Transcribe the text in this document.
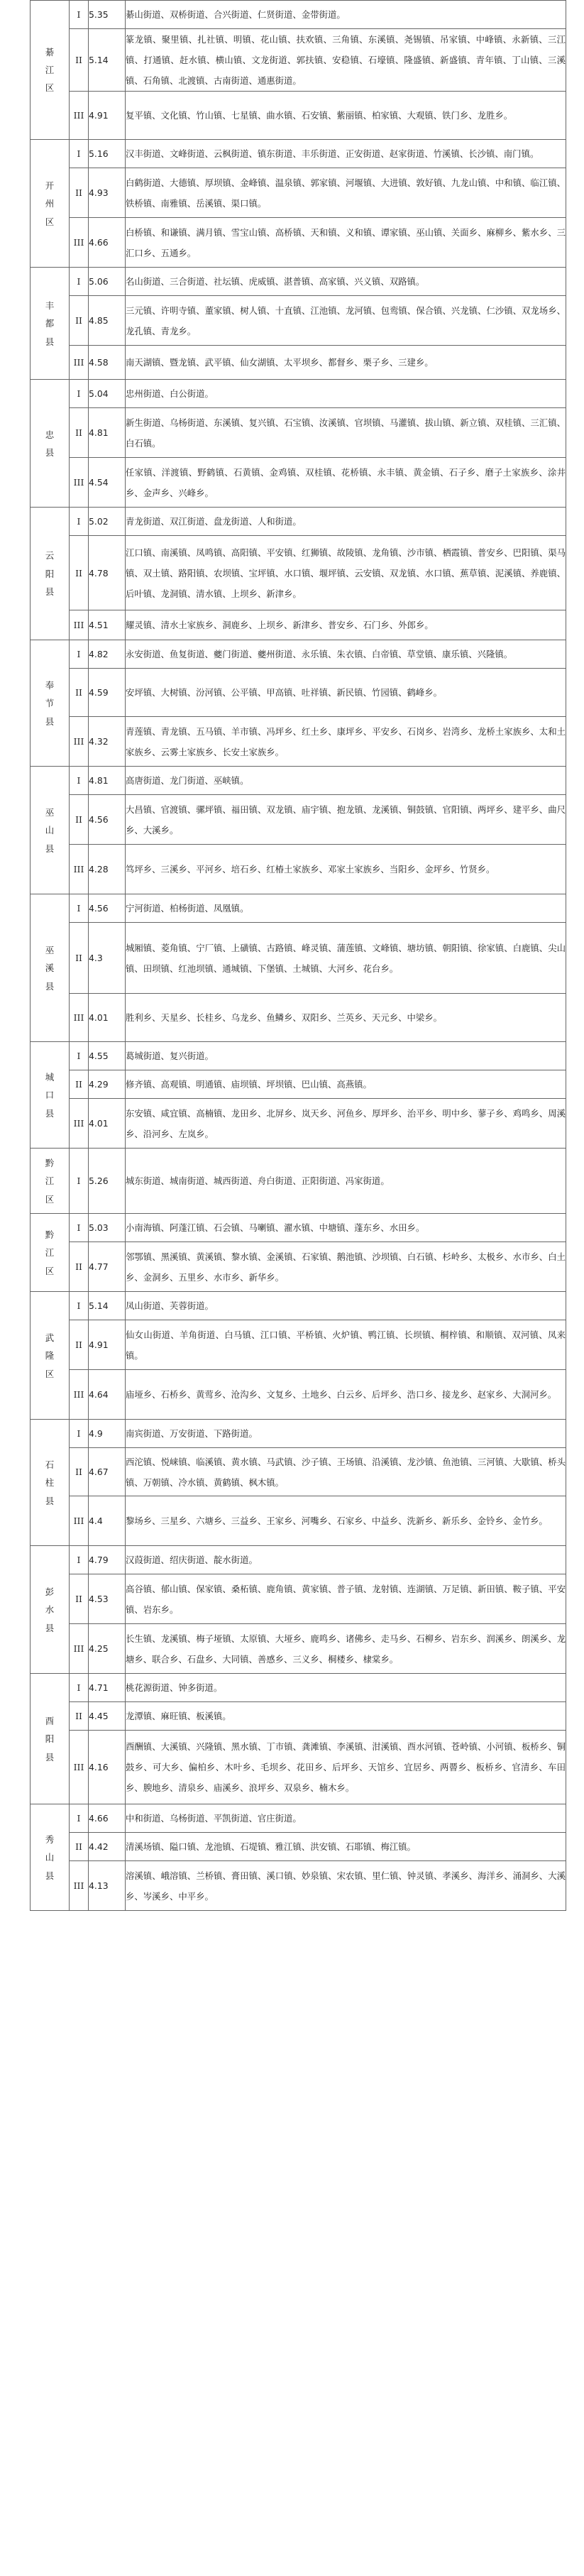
綦江区	I	5.35	綦山街道、双桥街道、合兴街道、仁贤街道、金带街道。
	II	5.14	篆龙镇、聚里镇、扎社镇、明镇、花山镇、扶欢镇、三角镇、东溪镇、尧锡镇、吊家镇、中峰镇、永新镇、三江镇、打通镇、赶水镇、横山镇、文龙街道、郭扶镇、安稳镇、石壕镇、隆盛镇、新盛镇、青年镇、丁山镇、三溪镇、石角镇、北渡镇、古南街道、通惠街道。
	III	4.91	复平镇、文化镇、竹山镇、七星镇、曲水镇、石安镇、紫丽镇、柏家镇、大观镇、铁门乡、龙胜乡。
开州区	I	5.16	汉丰街道、文峰街道、云枫街道、镇东街道、丰乐街道、正安街道、赵家街道、竹溪镇、长沙镇、南门镇。
	II	4.93	白鹤街道、大德镇、厚坝镇、金峰镇、温泉镇、郭家镇、河堰镇、大进镇、敦好镇、九龙山镇、中和镇、临江镇、铁桥镇、南雅镇、岳溪镇、渠口镇。
	III	4.66	白桥镇、和谦镇、满月镇、雪宝山镇、高桥镇、天和镇、义和镇、谭家镇、巫山镇、关面乡、麻柳乡、紫水乡、三汇口乡、五通乡。
丰都县	I	5.06	名山街道、三合街道、社坛镇、虎威镇、湛普镇、高家镇、兴义镇、双路镇。
	II	4.85	三元镇、许明寺镇、董家镇、树人镇、十直镇、江池镇、龙河镇、包鸾镇、保合镇、兴龙镇、仁沙镇、双龙场乡、龙孔镇、青龙乡。
	III	4.58	南天湖镇、暨龙镇、武平镇、仙女湖镇、太平坝乡、都督乡、栗子乡、三建乡。
忠县	I	5.04	忠州街道、白公街道。
	II	4.81	新生街道、乌杨街道、东溪镇、复兴镇、石宝镇、汝溪镇、官坝镇、马灌镇、拔山镇、新立镇、双桂镇、三汇镇、白石镇。
	III	4.54	任家镇、洋渡镇、野鹤镇、石黄镇、金鸡镇、双桂镇、花桥镇、永丰镇、黄金镇、石子乡、磨子土家族乡、涂井乡、金声乡、兴峰乡。
云阳县	I	5.02	青龙街道、双江街道、盘龙街道、人和街道。
	II	4.78	江口镇、南溪镇、凤鸣镇、高阳镇、平安镇、红狮镇、故陵镇、龙角镇、沙市镇、栖霞镇、普安乡、巴阳镇、渠马镇、双土镇、路阳镇、农坝镇、宝坪镇、水口镇、堰坪镇、云安镇、双龙镇、水口镇、蕉草镇、泥溪镇、养鹿镇、后叶镇、龙洞镇、清水镇、上坝乡、新津乡。
	III	4.51	耀灵镇、清水土家族乡、洞鹿乡、上坝乡、新津乡、普安乡、石门乡、外郎乡。
奉节县	I	4.82	永安街道、鱼复街道、夔门街道、夔州街道、永乐镇、朱衣镇、白帝镇、草堂镇、康乐镇、兴隆镇。
	II	4.59	安坪镇、大树镇、汾河镇、公平镇、甲高镇、吐祥镇、新民镇、竹园镇、鹤峰乡。
	III	4.32	青莲镇、青龙镇、五马镇、羊市镇、冯坪乡、红土乡、康坪乡、平安乡、石岗乡、岩湾乡、龙桥土家族乡、太和土家族乡、云雾土家族乡、长安土家族乡。
巫山县	I	4.81	高唐街道、龙门街道、巫峡镇。
	II	4.56	大昌镇、官渡镇、骡坪镇、福田镇、双龙镇、庙宇镇、抱龙镇、龙溪镇、铜鼓镇、官阳镇、两坪乡、建平乡、曲尺乡、大溪乡。
	III	4.28	笃坪乡、三溪乡、平河乡、培石乡、红椿土家族乡、邓家土家族乡、当阳乡、金坪乡、竹贤乡。
巫溪县	I	4.56	宁河街道、柏杨街道、凤凰镇。
	II	4.3	城厢镇、菱角镇、宁厂镇、上磺镇、古路镇、峰灵镇、蒲莲镇、文峰镇、塘坊镇、朝阳镇、徐家镇、白鹿镇、尖山镇、田坝镇、红池坝镇、通城镇、下堡镇、土城镇、大河乡、花台乡。
	III	4.01	胜利乡、天星乡、长桂乡、乌龙乡、鱼鳞乡、双阳乡、兰英乡、天元乡、中梁乡。
城口县	I	4.55	葛城街道、复兴街道。
	II	4.29	修齐镇、高观镇、明通镇、庙坝镇、坪坝镇、巴山镇、高燕镇。
	III	4.01	东安镇、咸宜镇、高楠镇、龙田乡、北屏乡、岚天乡、河鱼乡、厚坪乡、治平乡、明中乡、蓼子乡、鸡鸣乡、周溪乡、沿河乡、左岚乡。
黔江区	I	5.26	城东街道、城南街道、城西街道、舟白街道、正阳街道、冯家街道。
黔江区	I	5.03	小南海镇、阿蓬江镇、石会镇、马喇镇、濯水镇、中塘镇、蓬东乡、水田乡。
	II	4.77	邻鄂镇、黑溪镇、黄溪镇、黎水镇、金溪镇、石家镇、鹅池镇、沙坝镇、白石镇、杉岭乡、太极乡、水市乡、白土乡、金洞乡、五里乡、水市乡、新华乡。
武隆区	I	5.14	凤山街道、芙蓉街道。
	II	4.91	仙女山街道、羊角街道、白马镇、江口镇、平桥镇、火炉镇、鸭江镇、长坝镇、桐梓镇、和顺镇、双河镇、凤来镇。
	III	4.64	庙垭乡、石桥乡、黄莺乡、沧沟乡、文复乡、土地乡、白云乡、后坪乡、浩口乡、接龙乡、赵家乡、大洞河乡。
石柱县	I	4.9	南宾街道、万安街道、下路街道。
	II	4.67	西沱镇、悦崃镇、临溪镇、黄水镇、马武镇、沙子镇、王场镇、沿溪镇、龙沙镇、鱼池镇、三河镇、大歇镇、桥头镇、万朝镇、冷水镇、黄鹤镇、枫木镇。
	III	4.4	黎场乡、三星乡、六塘乡、三益乡、王家乡、河嘴乡、石家乡、中益乡、洗新乡、新乐乡、金铃乡、金竹乡。
彭水县	I	4.79	汉葭街道、绍庆街道、靛水街道。
	II	4.53	高谷镇、郁山镇、保家镇、桑柘镇、鹿角镇、黄家镇、普子镇、龙射镇、连湖镇、万足镇、新田镇、鞍子镇、平安镇、岩东乡。
	III	4.25	长生镇、龙溪镇、梅子垭镇、太原镇、大垭乡、鹿鸣乡、诸佛乡、走马乡、石柳乡、岩东乡、润溪乡、朗溪乡、龙塘乡、联合乡、石盘乡、大同镇、善感乡、三义乡、桐楼乡、棣棠乡。
酉阳县	I	4.71	桃花源街道、钟多街道。
	II	4.45	龙潭镇、麻旺镇、板溪镇。
	III	4.16	酉酬镇、大溪镇、兴隆镇、黑水镇、丁市镇、龚滩镇、李溪镇、泔溪镇、酉水河镇、苍岭镇、小河镇、板桥乡、铜鼓乡、可大乡、偏柏乡、木叶乡、毛坝乡、花田乡、后坪乡、天馆乡、宜居乡、两罾乡、板桥乡、官清乡、车田乡、腴地乡、清泉乡、庙溪乡、浪坪乡、双泉乡、楠木乡。
秀山县	I	4.66	中和街道、乌杨街道、平凯街道、官庄街道。
	II	4.42	清溪场镇、隘口镇、龙池镇、石堤镇、雅江镇、洪安镇、石耶镇、梅江镇。
	III	4.13	溶溪镇、峨溶镇、兰桥镇、膏田镇、溪口镇、妙泉镇、宋农镇、里仁镇、钟灵镇、孝溪乡、海洋乡、涌洞乡、大溪乡、岑溪乡、中平乡。
